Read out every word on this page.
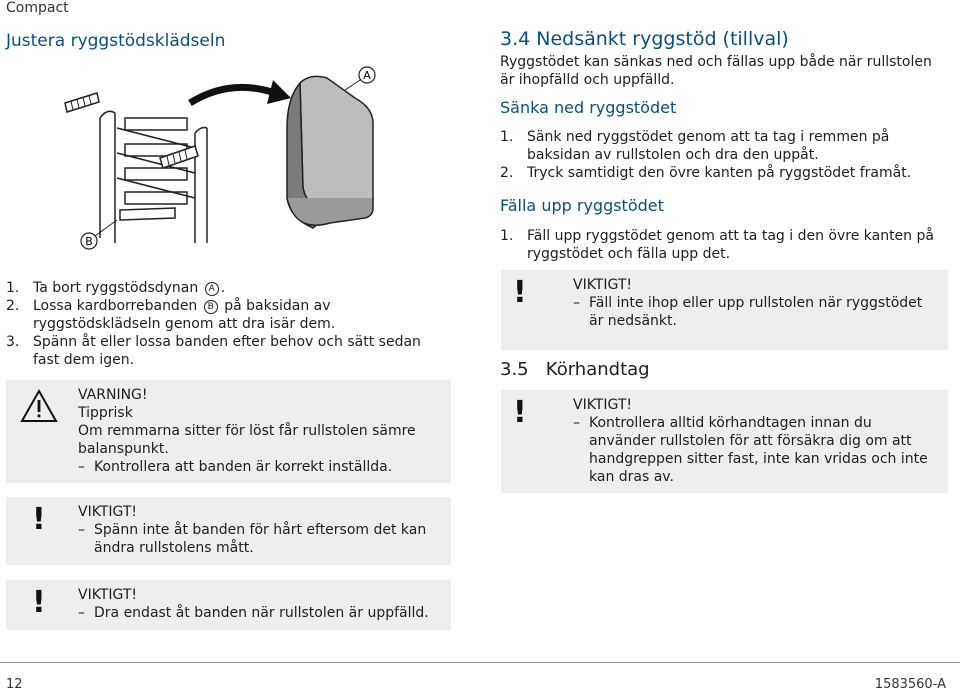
Compact
Justera ryggstödsklädseln
A
B
1. Ta bort ryggstödsdynan A .
2. Lossa kardborrebanden B på baksidan av ryggstödsklädseln genom att dra isär dem.
3. Spänn åt eller lossa banden efter behov och sätt sedan fast dem igen.
VARNING!
Tipprisk
Om remmarna sitter för löst får rullstolen sämre balanspunkt.
– Kontrollera att banden är korrekt inställda.
! VIKTIGT!
– Spänn inte åt banden för hårt eftersom det kan ändra rullstolens mått.
! VIKTIGT!
– Dra endast åt banden när rullstolen är uppfälld.
3.4 Nedsänkt ryggstöd (tillval)
Ryggstödet kan sänkas ned och fällas upp både när rullstolen är ihopfälld och uppfälld.
Sänka ned ryggstödet
1. Sänk ned ryggstödet genom att ta tag i remmen på baksidan av rullstolen och dra den uppåt.
2. Tryck samtidigt den övre kanten på ryggstödet framåt.
Fälla upp ryggstödet
1. Fäll upp ryggstödet genom att ta tag i den övre kanten på ryggstödet och fälla upp det.
!	VIKTIGT!
– Fäll inte ihop eller upp rullstolen när ryggstödet är nedsänkt.
3.5   Körhandtag
!	VIKTIGT!
– Kontrollera alltid körhandtagen innan du använder rullstolen för att försäkra dig om att handgreppen sitter fast, inte kan vridas och inte kan dras av.
12	1583560-A
